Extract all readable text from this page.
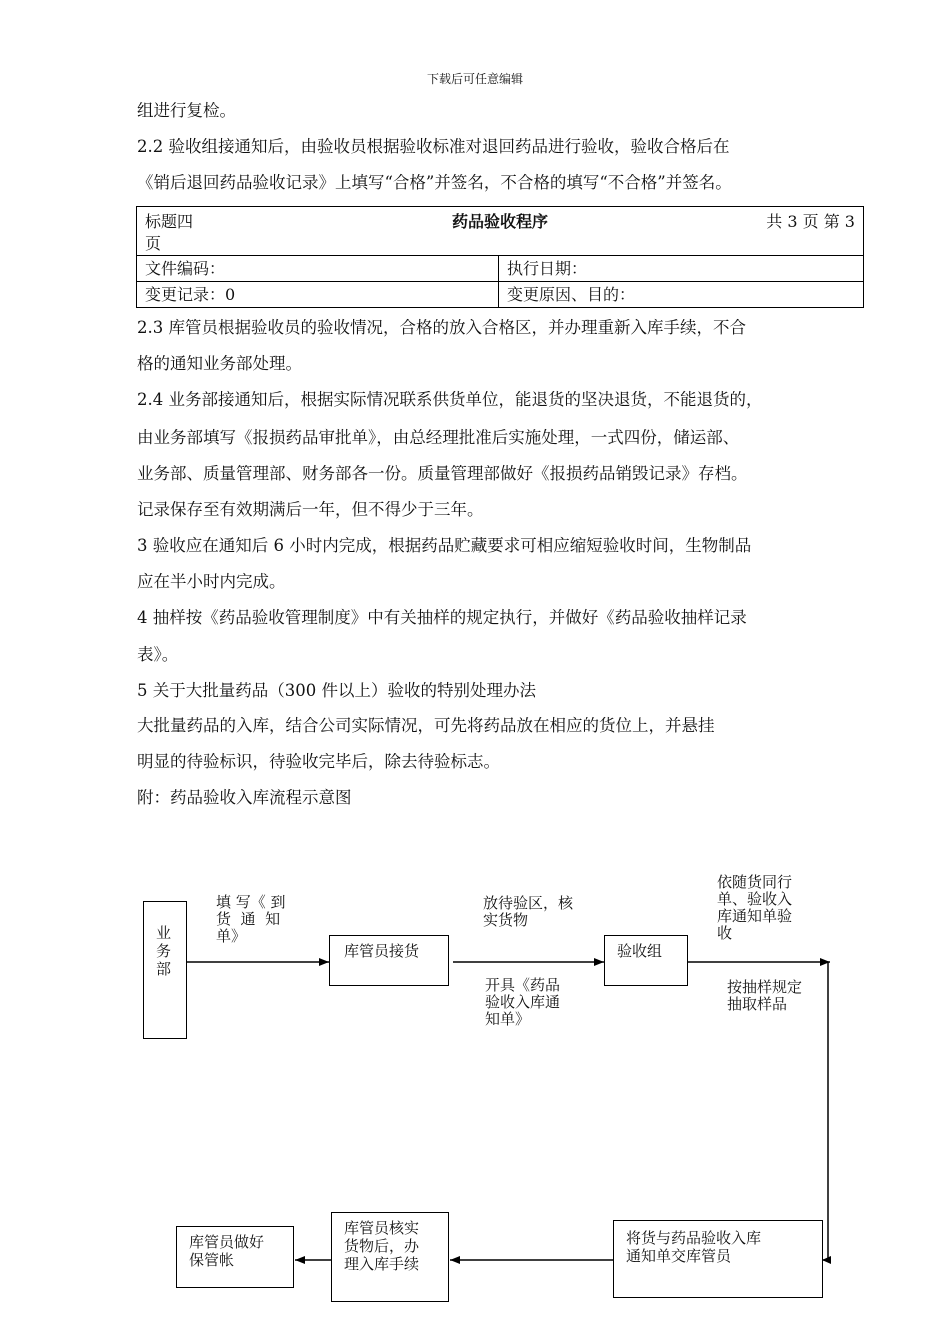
下载后可任意编辑
组进行复检。
2.2 验收组接通知后，由验收员根据验收标准对退回药品进行验收，验收合格后在
《销后退回药品验收记录》上填写“合格”并签名，不合格的填写“不合格”并签名。
标题四 药品验收程序 共 3 页 第 3
页	

文件编码：	执行日期：
变更记录：0	变更原因、目的：
2.3 库管员根据验收员的验收情况，合格的放入合格区，并办理重新入库手续，不合
格的通知业务部处理。
2.4 业务部接通知后，根据实际情况联系供货单位，能退货的坚决退货，不能退货的，
由业务部填写《报损药品审批单》，由总经理批准后实施处理，一式四份，储运部、
业务部、质量管理部、财务部各一份。质量管理部做好《报损药品销毁记录》存档。
记录保存至有效期满后一年，但不得少于三年。
3 验收应在通知后 6 小时内完成，根据药品贮藏要求可相应缩短验收时间，生物制品
应在半小时内完成。
4 抽样按《药品验收管理制度》中有关抽样的规定执行，并做好《药品验收抽样记录
表》。
5 关于大批量药品（300 件以上）验收的特别处理办法
大批量药品的入库，结合公司实际情况，可先将药品放在相应的货位上，并悬挂
明显的待验标识，待验收完毕后，除去待验标志。
附：药品验收入库流程示意图
业
务
部
库管员接货	验收组
将货与药品验收入库
通知单交库管员
库管员核实
货物后，办
理入库手续
库管员做好
保管帐
填 写《 到
货  通  知
单》
放待验区，核
实货物
开具《药品
验收入库通
知单》
依随货同行
单、验收入
库通知单验
收
按抽样规定
抽取样品
